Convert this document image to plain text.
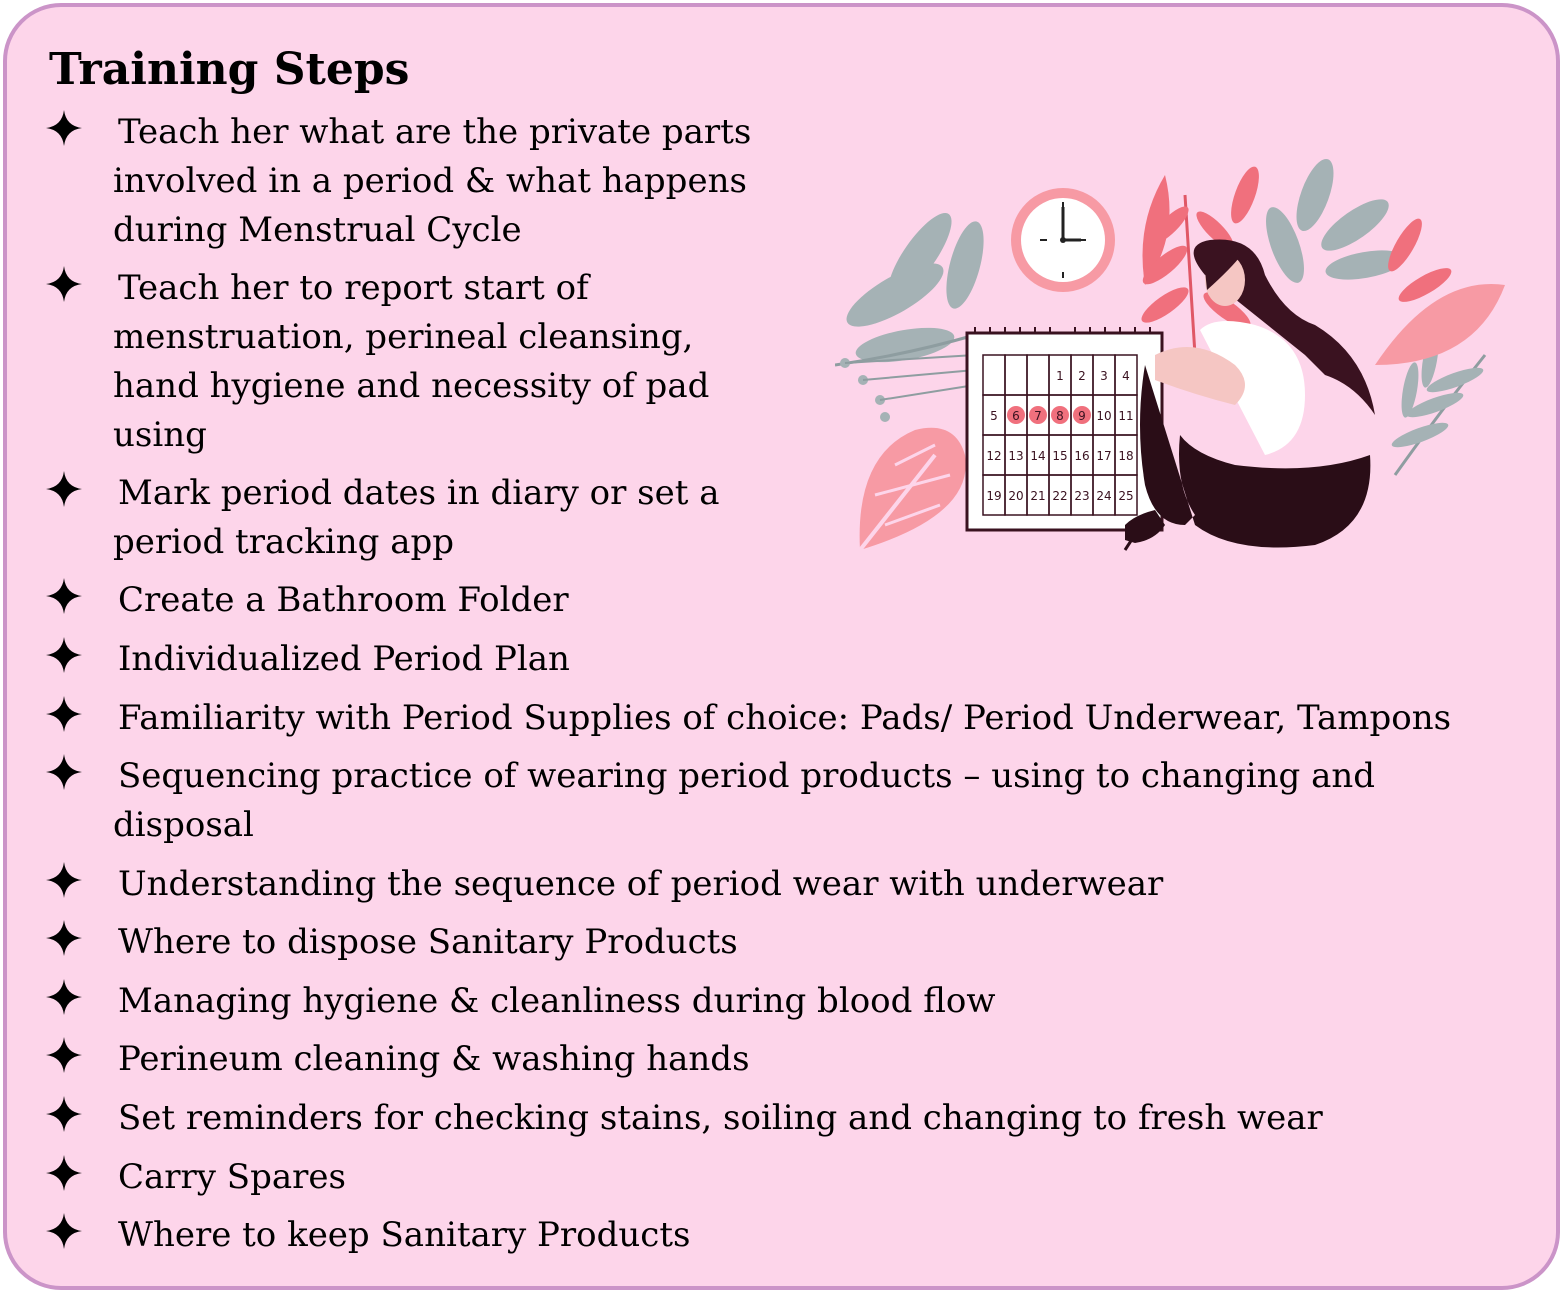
Training Steps
Teach her what are the private parts
involved in a period & what happens
during Menstrual Cycle
Teach her to report start of
menstruation, perineal cleansing,
hand hygiene and necessity of pad
using
Mark period dates in diary or set a
period tracking app
Create a Bathroom Folder
Individualized Period Plan
Familiarity with Period Supplies of choice: Pads/ Period Underwear, Tampons
Sequencing practice of wearing period products – using to changing and
disposal
Understanding the sequence of period wear with underwear
Where to dispose Sanitary Products
Managing hygiene & cleanliness during blood flow
Perineum cleaning & washing hands
Set reminders for checking stains, soiling and changing to fresh wear
Carry Spares
Where to keep Sanitary Products
1 2 3 4
5 6 7 8 9 10 11
12 13 14 15 16 17 18
19 20 21 22 23 24 25
